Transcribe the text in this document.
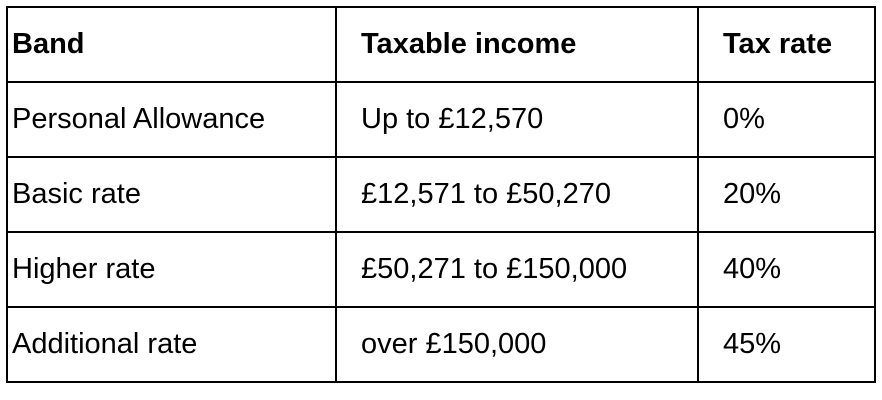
Band	Taxable income	Tax rate
Personal Allowance	Up to £12,570	0%
Basic rate	£12,571 to £50,270	20%
Higher rate	£50,271 to £150,000	40%
Additional rate	over £150,000	45%
